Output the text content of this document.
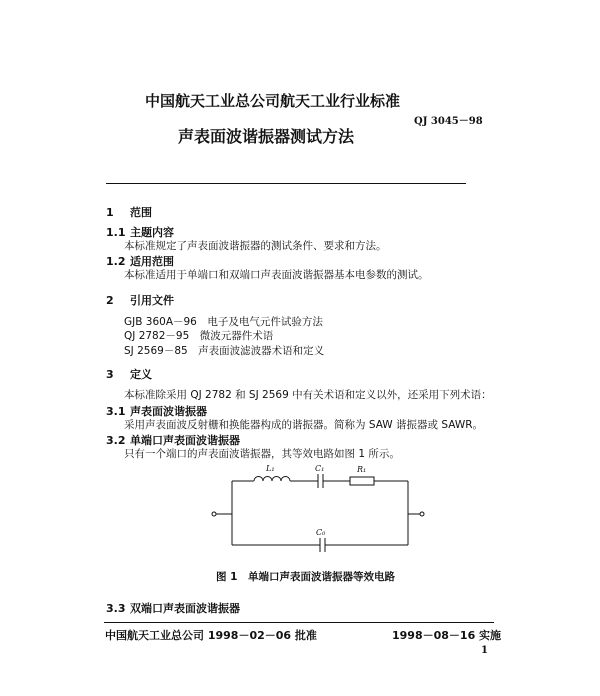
中国航天工业总公司航天工业行业标准
QJ 3045－98
声表面波谐振器测试方法
1 范围
1.1 主题内容
本标准规定了声表面波谐振器的测试条件、要求和方法。
1.2 适用范围
本标准适用于单端口和双端口声表面波谐振器基本电参数的测试。
2 引用文件
GJB 360A－96　电子及电气元件试验方法
QJ 2782－95　微波元器件术语
SJ 2569－85　声表面波滤波器术语和定义
3 定义
本标准除采用 QJ 2782 和 SJ 2569 中有关术语和定义以外，还采用下列术语：
3.1 声表面波谐振器
采用声表面波反射栅和换能器构成的谐振器。简称为 SAW 谐振器或 SAWR。
3.2 单端口声表面波谐振器
只有一个端口的声表面波谐振器，其等效电路如图 1 所示。
L₁	C₁	R₁
C₀
图 1　单端口声表面波谐振器等效电路
3.3 双端口声表面波谐振器
中国航天工业总公司 1998－02－06 批准	1998－08－16 实施
1
